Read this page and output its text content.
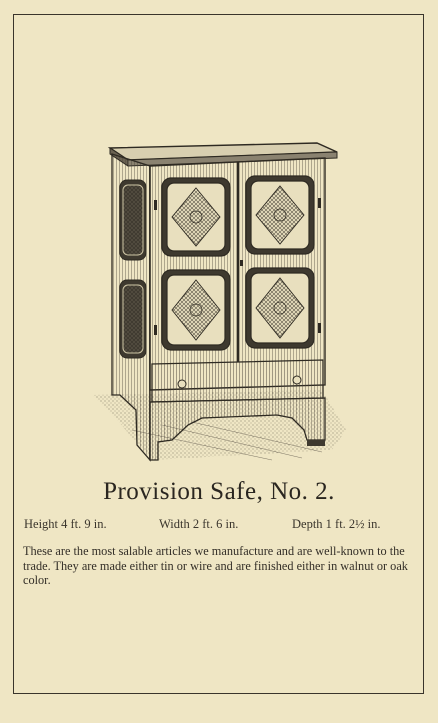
Provision Safe, No. 2.
Height 4 ft. 9 in.	Width 2 ft. 6 in.	Depth 1 ft. 2½ in.

These are the most salable articles we manufacture and are well-known to the trade. They are made either tin or wire and are finished either in walnut or oak color.
